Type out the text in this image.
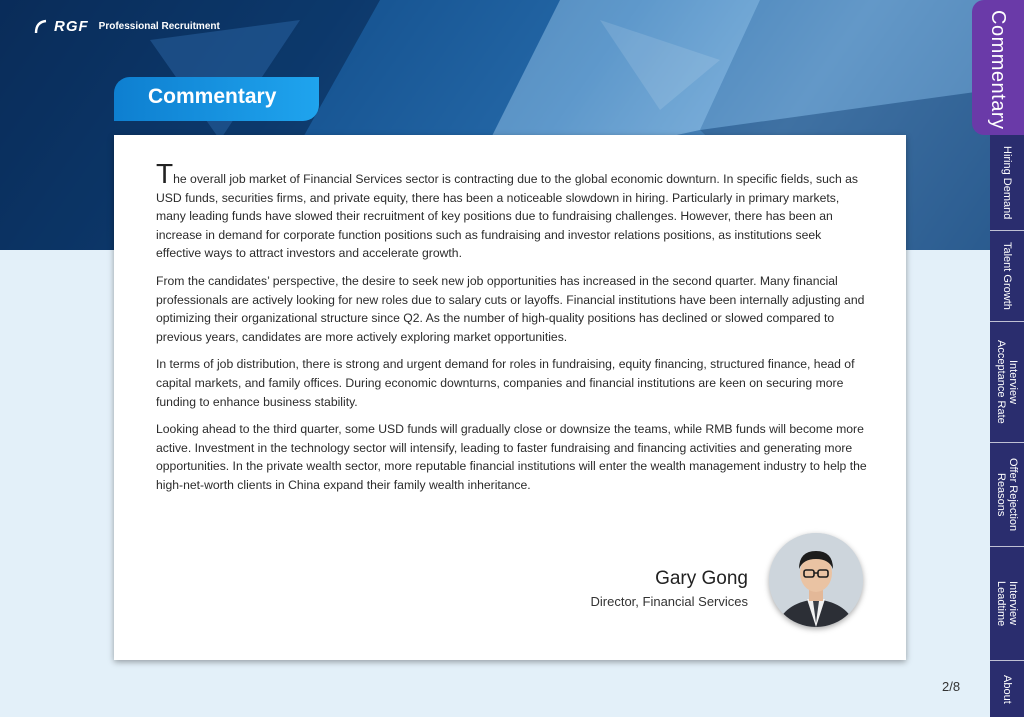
RGF Professional Recruitment
Commentary

The overall job market of Financial Services sector is contracting due to the global economic downturn. In specific fields, such as USD funds, securities firms, and private equity, there has been a noticeable slowdown in hiring. Particularly in primary markets, many leading funds have slowed their recruitment of key positions due to fundraising challenges. However, there has been an increase in demand for corporate function positions such as fundraising and investor relations positions, as institutions seek effective ways to attract investors and accelerate growth.

From the candidates’ perspective, the desire to seek new job opportunities has increased in the second quarter. Many financial professionals are actively looking for new roles due to salary cuts or layoffs. Financial institutions have been internally adjusting and optimizing their organizational structure since Q2. As the number of high-quality positions has declined or slowed compared to previous years, candidates are more actively exploring market opportunities.

In terms of job distribution, there is strong and urgent demand for roles in fundraising, equity financing, structured finance, head of capital markets, and family offices. During economic downturns, companies and financial institutions are keen on securing more funding to enhance business stability.

Looking ahead to the third quarter, some USD funds will gradually close or downsize the teams, while RMB funds will become more active. Investment in the technology sector will intensify, leading to faster fundraising and financing activities and generating more opportunities. In the private wealth sector, more reputable financial institutions will enter the wealth management industry to help the high-net-worth clients in China expand their family wealth inheritance.

Gary Gong
Director, Financial Services
2/8
Commentary
Hiring Demand
Talent Growth
Interview
Acceptance Rate
Offer Rejection
Reasons
Interview
Leadtime
About
